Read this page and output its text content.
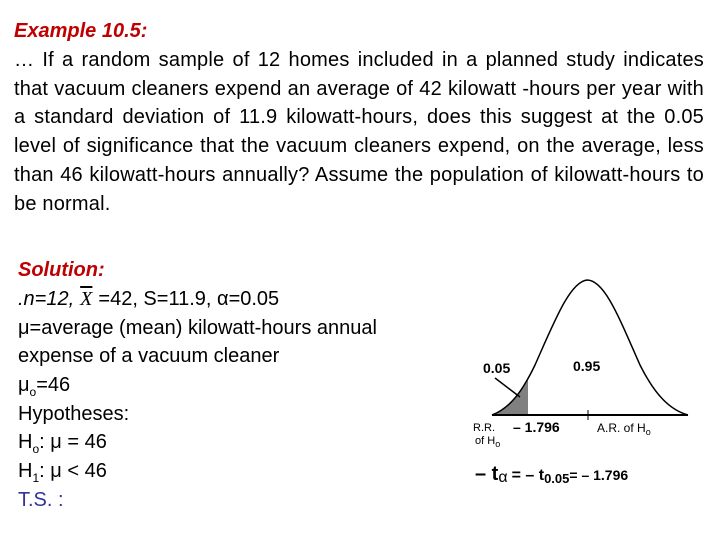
Example 10.5:
… If a random sample of 12 homes included in a planned study indicates that vacuum cleaners expend an average of 42 kilowatt -hours per year with a standard deviation of 11.9 kilowatt-hours, does this suggest at the 0.05 level of significance that the vacuum cleaners expend, on the average, less than 46 kilowatt-hours annually? Assume the population of kilowatt-hours to be normal.
Solution:
.n=12, $\overline{X} =42$, S=11.9, α=0.05
μ=average (mean) kilowatt-hours annual
expense of a vacuum cleaner
$\mu_o=46$
Hypotheses:
$H_o$: μ = 46
$H_1$: μ < 46
T.S. :
0.05	0.95
R.R.
of $H_o$
– 1.796	A.R. of $H_o$
– tα = – t0.05= – 1.796
